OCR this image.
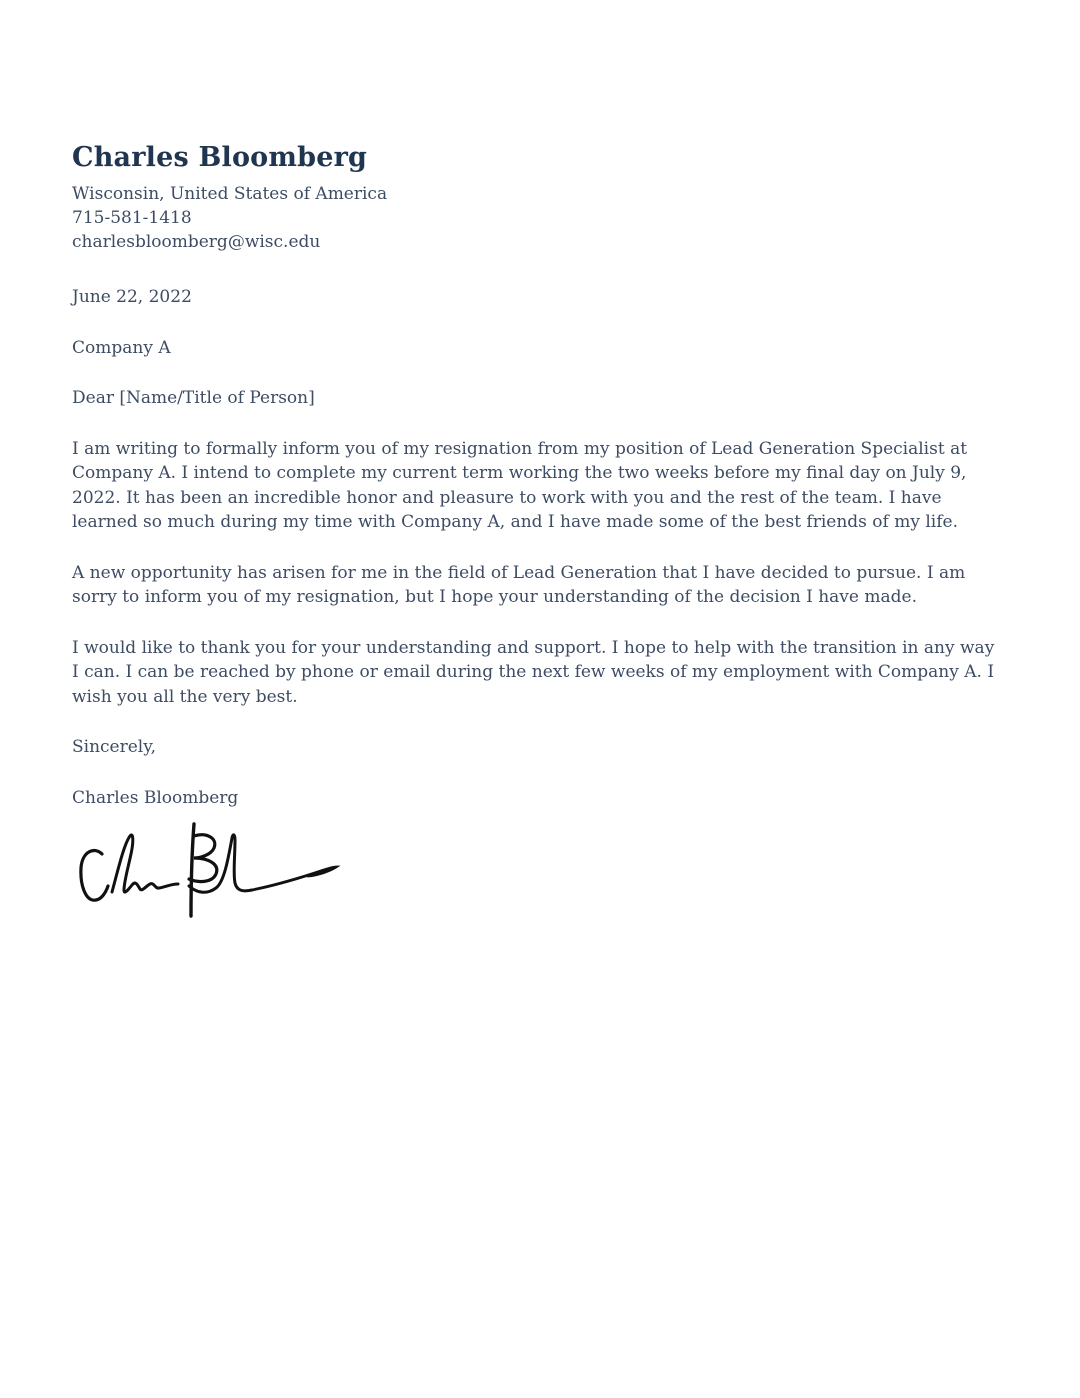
Charles Bloomberg
Wisconsin, United States of America
715-581-1418
charlesbloomberg@wisc.edu
June 22, 2022
Company A
Dear [Name/Title of Person]
I am writing to formally inform you of my resignation from my position of Lead Generation Specialist at Company A. I intend to complete my current term working the two weeks before my final day on July 9, 2022. It has been an incredible honor and pleasure to work with you and the rest of the team. I have learned so much during my time with Company A, and I have made some of the best friends of my life.
A new opportunity has arisen for me in the field of Lead Generation that I have decided to pursue. I am sorry to inform you of my resignation, but I hope your understanding of the decision I have made.
I would like to thank you for your understanding and support. I hope to help with the transition in any way I can. I can be reached by phone or email during the next few weeks of my employment with Company A. I wish you all the very best.
Sincerely,
Charles Bloomberg
